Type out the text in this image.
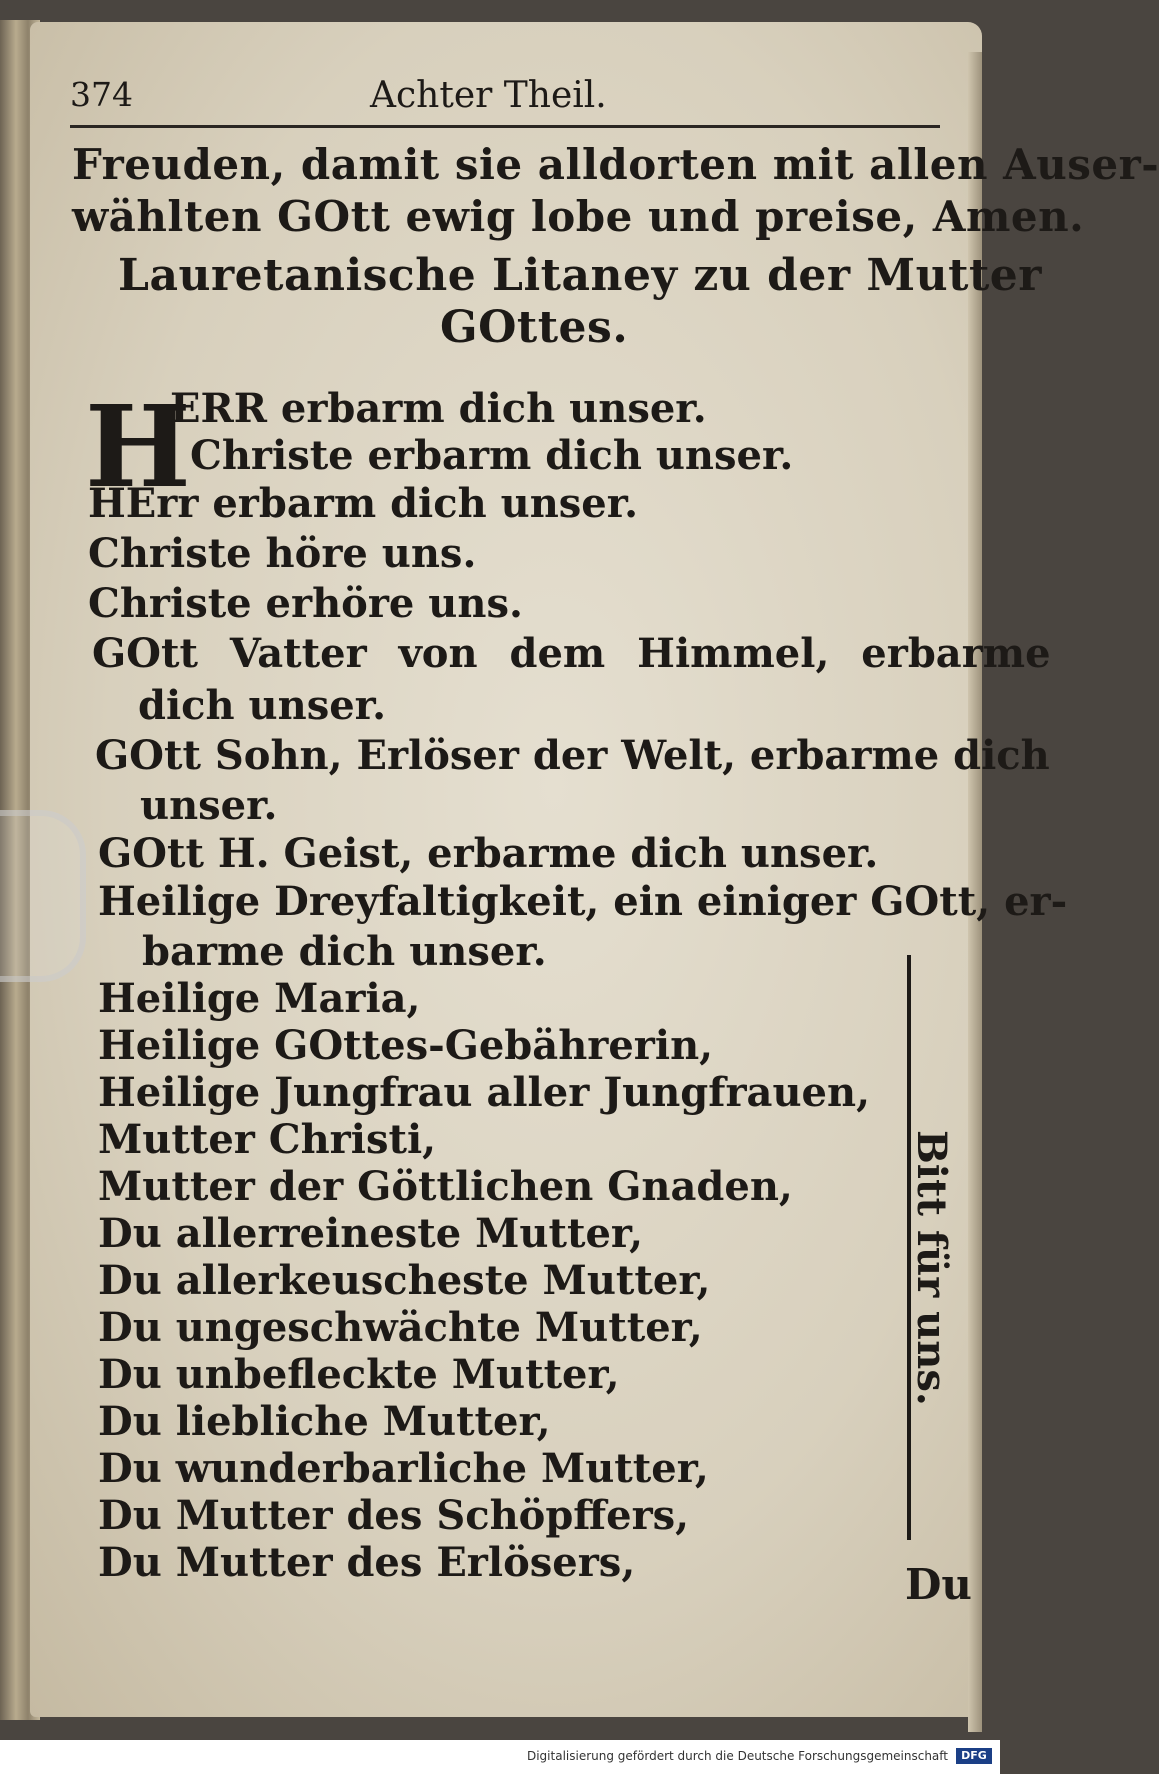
374	Achter Theil.
Freuden, damit sie alldorten mit allen Auser-
wählten GOtt ewig lobe und preise, Amen.
Lauretanische Litaney zu der Mutter
GOttes.
H
ERR erbarm dich unser.
Christe erbarm dich unser.
HErr erbarm dich unser.
Christe höre uns.
Christe erhöre uns.
GOtt Vatter von dem Himmel, erbarme
dich unser.
GOtt Sohn, Erlöser der Welt, erbarme dich
unser.
GOtt H. Geist, erbarme dich unser.
Heilige Dreyfaltigkeit, ein einiger GOtt, er-
barme dich unser.
Heilige Maria,
Heilige GOttes-Gebährerin,
Heilige Jungfrau aller Jungfrauen,
Mutter Christi,
Mutter der Göttlichen Gnaden,
Du allerreineste Mutter,
Du allerkeuscheste Mutter,
Du ungeschwächte Mutter,
Du unbefleckte Mutter,
Du liebliche Mutter,
Du wunderbarliche Mutter,
Du Mutter des Schöpffers,
Du Mutter des Erlösers,
Bitt für uns.
Du
Digitalisierung gefördert durch die Deutsche Forschungsgemeinschaft	DFG
